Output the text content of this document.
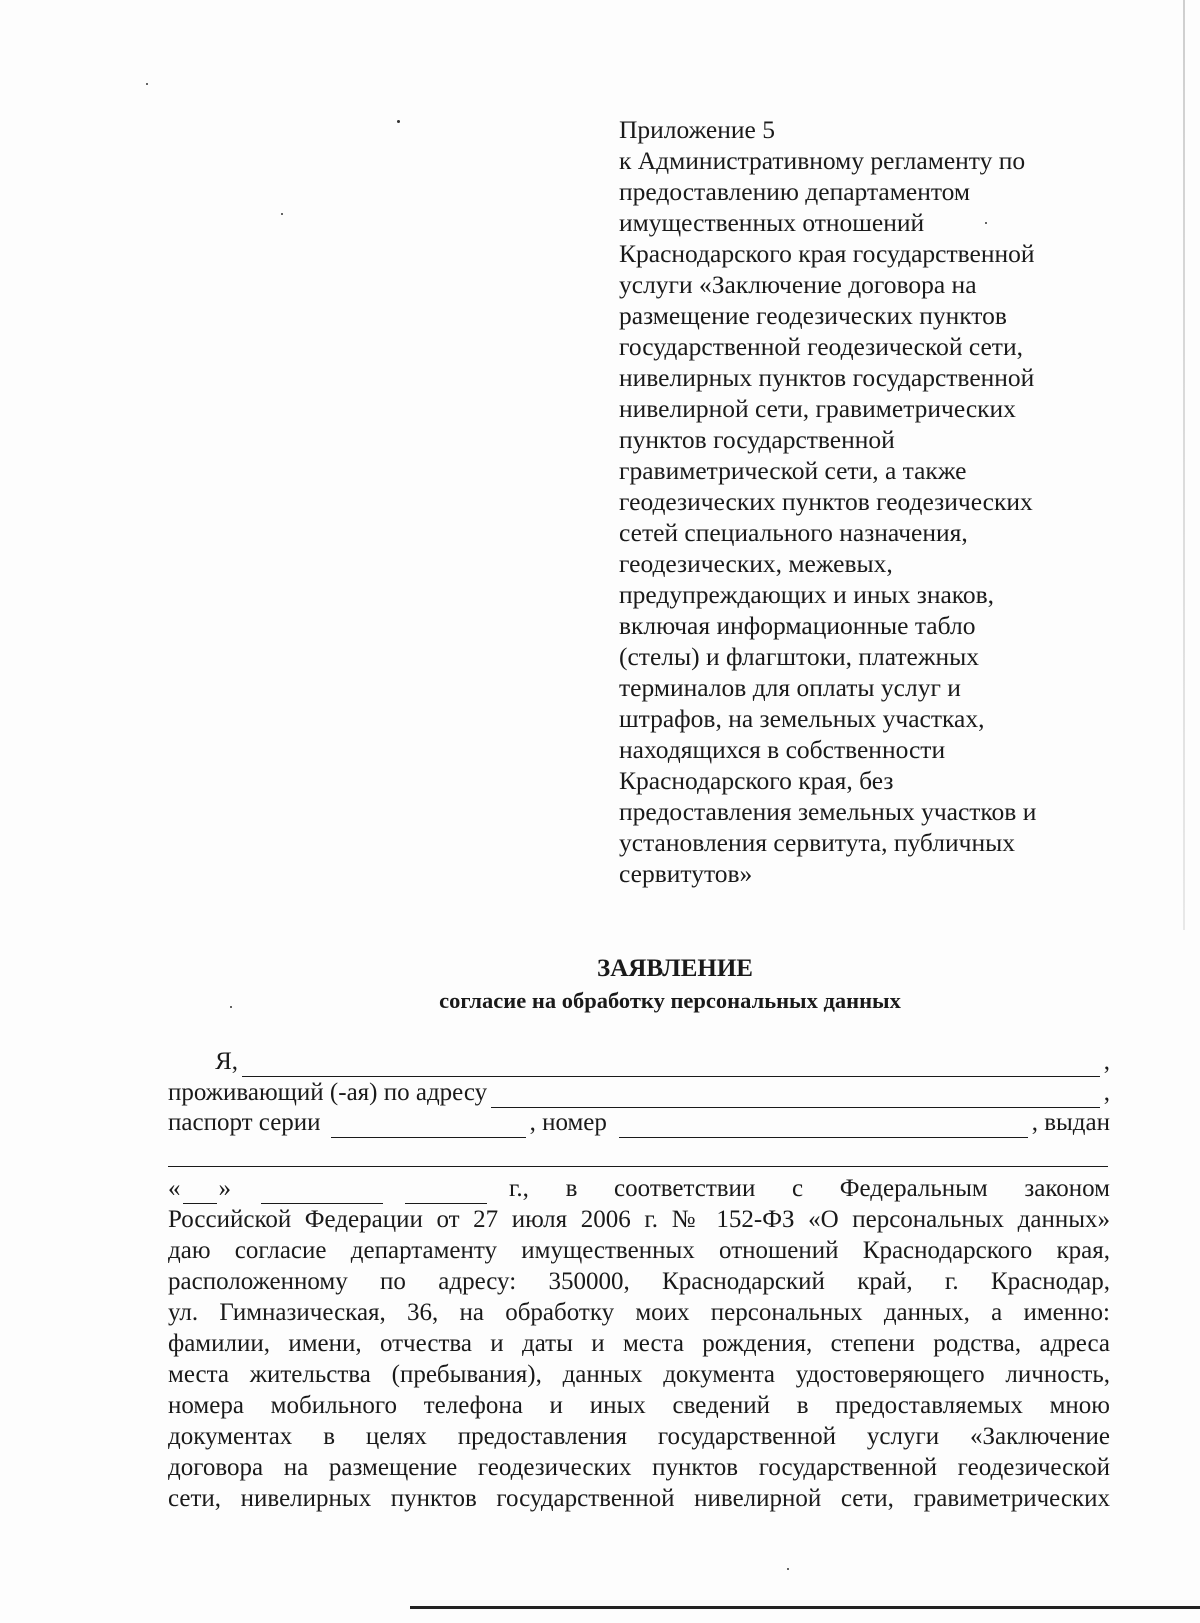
Приложение 5
к Административному регламенту по
предоставлению департаментом
имущественных отношений
Краснодарского края государственной
услуги «Заключение договора на
размещение геодезических пунктов
государственной геодезической сети,
нивелирных пунктов государственной
нивелирной сети, гравиметрических
пунктов государственной
гравиметрической сети, а также
геодезических пунктов геодезических
сетей специального назначения,
геодезических, межевых,
предупреждающих и иных знаков,
включая информационные табло
(стелы) и флагштоки, платежных
терминалов для оплаты услуг и
штрафов, на земельных участках,
находящихся в собственности
Краснодарского края, без
предоставления земельных участков и
установления сервитута, публичных
сервитутов»
ЗАЯВЛЕНИЕ
согласие на обработку персональных данных
Я,	,
проживающий (-ая) по адресу	,
паспорт серии	, номер	, выдан
« »	г., в соответствии с Федеральным законом
Российской Федерации от 27 июля 2006 г. № 152-ФЗ «О персональных данных»
даю согласие департаменту имущественных отношений Краснодарского края,
расположенному по адресу: 350000, Краснодарский край, г. Краснодар,
ул. Гимназическая, 36, на обработку моих персональных данных, а именно:
фамилии, имени, отчества и даты и места рождения, степени родства, адреса
места жительства (пребывания), данных документа удостоверяющего личность,
номера мобильного телефона и иных сведений в предоставляемых мною
документах в целях предоставления государственной услуги «Заключение
договора на размещение геодезических пунктов государственной геодезической
сети, нивелирных пунктов государственной нивелирной сети, гравиметрических
